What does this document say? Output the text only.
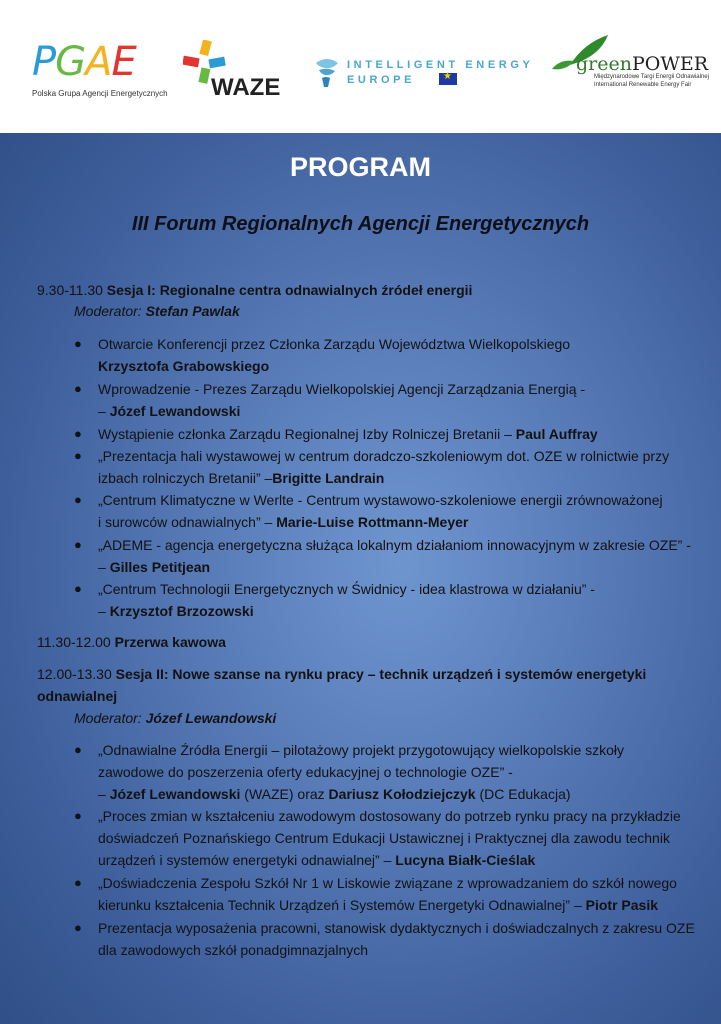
PGAE
Polska Grupa Agencji Energetycznych WAZE
INTELLIGENT ENERGY
EUROPE
★
greenPOWER
Międzynarodowe Targi Energii Odnawialnej
International Renewable Energy Fair
PROGRAM
III Forum Regionalnych Agencji Energetycznych
9.30-11.30 Sesja I: Regionalne centra odnawialnych źródeł energii
Moderator: Stefan Pawlak
● Otwarcie Konferencji przez Członka Zarządu Województwa Wielkopolskiego
Krzysztofa Grabowskiego
● Wprowadzenie - Prezes Zarządu Wielkopolskiej Agencji Zarządzania Energią -
– Józef Lewandowski
● Wystąpienie członka Zarządu Regionalnej Izby Rolniczej Bretanii – Paul Auffray
● „Prezentacja hali wystawowej w centrum doradczo-szkoleniowym dot. OZE w rolnictwie przy
izbach rolniczych Bretanii” –Brigitte Landrain
● „Centrum Klimatyczne w Werlte - Centrum wystawowo-szkoleniowe energii zrównoważonej
i surowców odnawialnych” – Marie-Luise Rottmann-Meyer
● „ADEME - agencja energetyczna służąca lokalnym działaniom innowacyjnym w zakresie OZE” -
– Gilles Petitjean
● „Centrum Technologii Energetycznych w Świdnicy - idea klastrowa w działaniu” -
– Krzysztof Brzozowski
11.30-12.00 Przerwa kawowa
12.00-13.30 Sesja II: Nowe szanse na rynku pracy – technik urządzeń i systemów energetyki
odnawialnej
Moderator: Józef Lewandowski
● „Odnawialne Źródła Energii – pilotażowy projekt przygotowujący wielkopolskie szkoły
zawodowe do poszerzenia oferty edukacyjnej o technologie OZE” -
– Józef Lewandowski (WAZE) oraz Dariusz Kołodziejczyk (DC Edukacja)
● „Proces zmian w kształceniu zawodowym dostosowany do potrzeb rynku pracy na przykładzie
doświadczeń Poznańskiego Centrum Edukacji Ustawicznej i Praktycznej dla zawodu technik
urządzeń i systemów energetyki odnawialnej” – Lucyna Białk-Cieślak
● „Doświadczenia Zespołu Szkół Nr 1 w Liskowie związane z wprowadzaniem do szkół nowego
kierunku kształcenia Technik Urządzeń i Systemów Energetyki Odnawialnej” – Piotr Pasik
● Prezentacja wyposażenia pracowni, stanowisk dydaktycznych i doświadczalnych z zakresu OZE
dla zawodowych szkół ponadgimnazjalnych
